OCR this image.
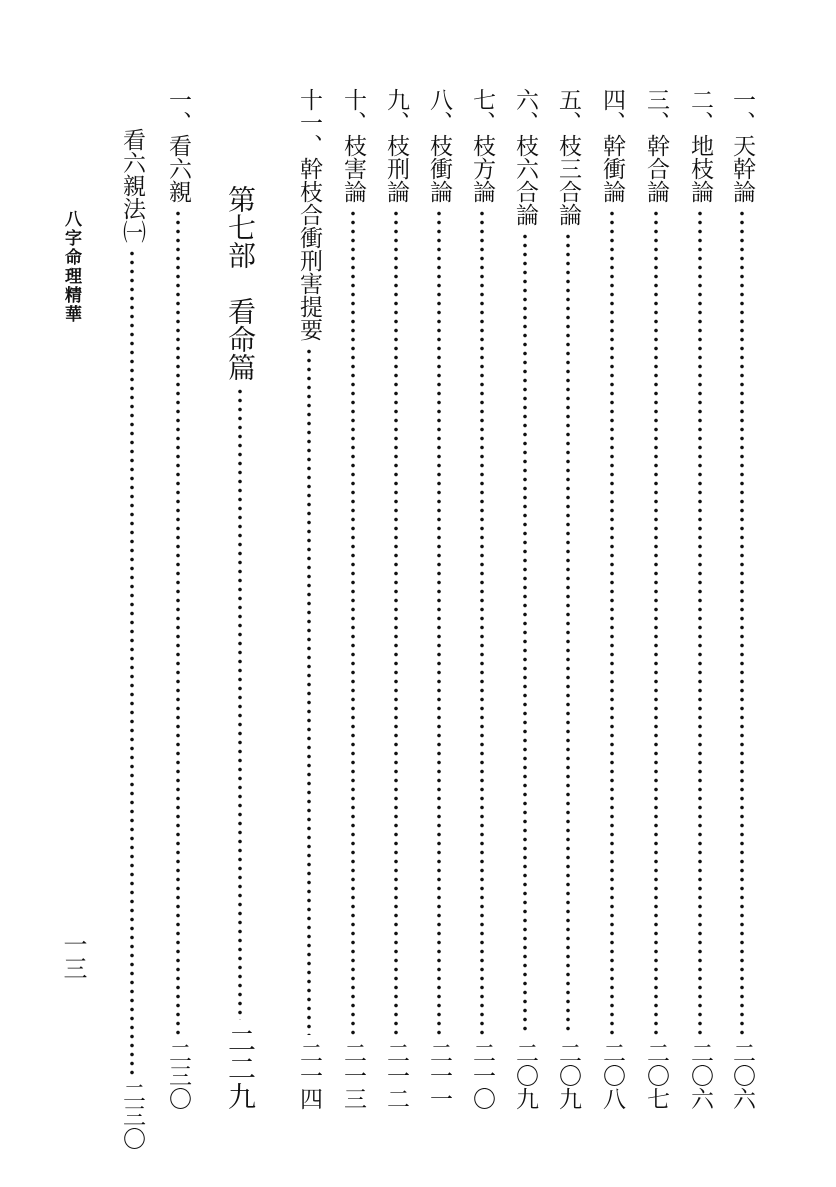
一、天幹論
二〇六
二、地枝論
二〇六
三、幹合論
二〇七
四、幹衝論
二〇八
五、枝三合論
二〇九
六、枝六合論
二〇九
七、枝方論
二一〇
八、枝衝論
二一一
九、枝刑論
二一二
十、枝害論
二一三
十一、幹枝合衝刑害提要
二一四
第七部
看命篇
二二九
一、看六親
二三〇
看六親法㈠
二三〇
八字命理精華
一三
